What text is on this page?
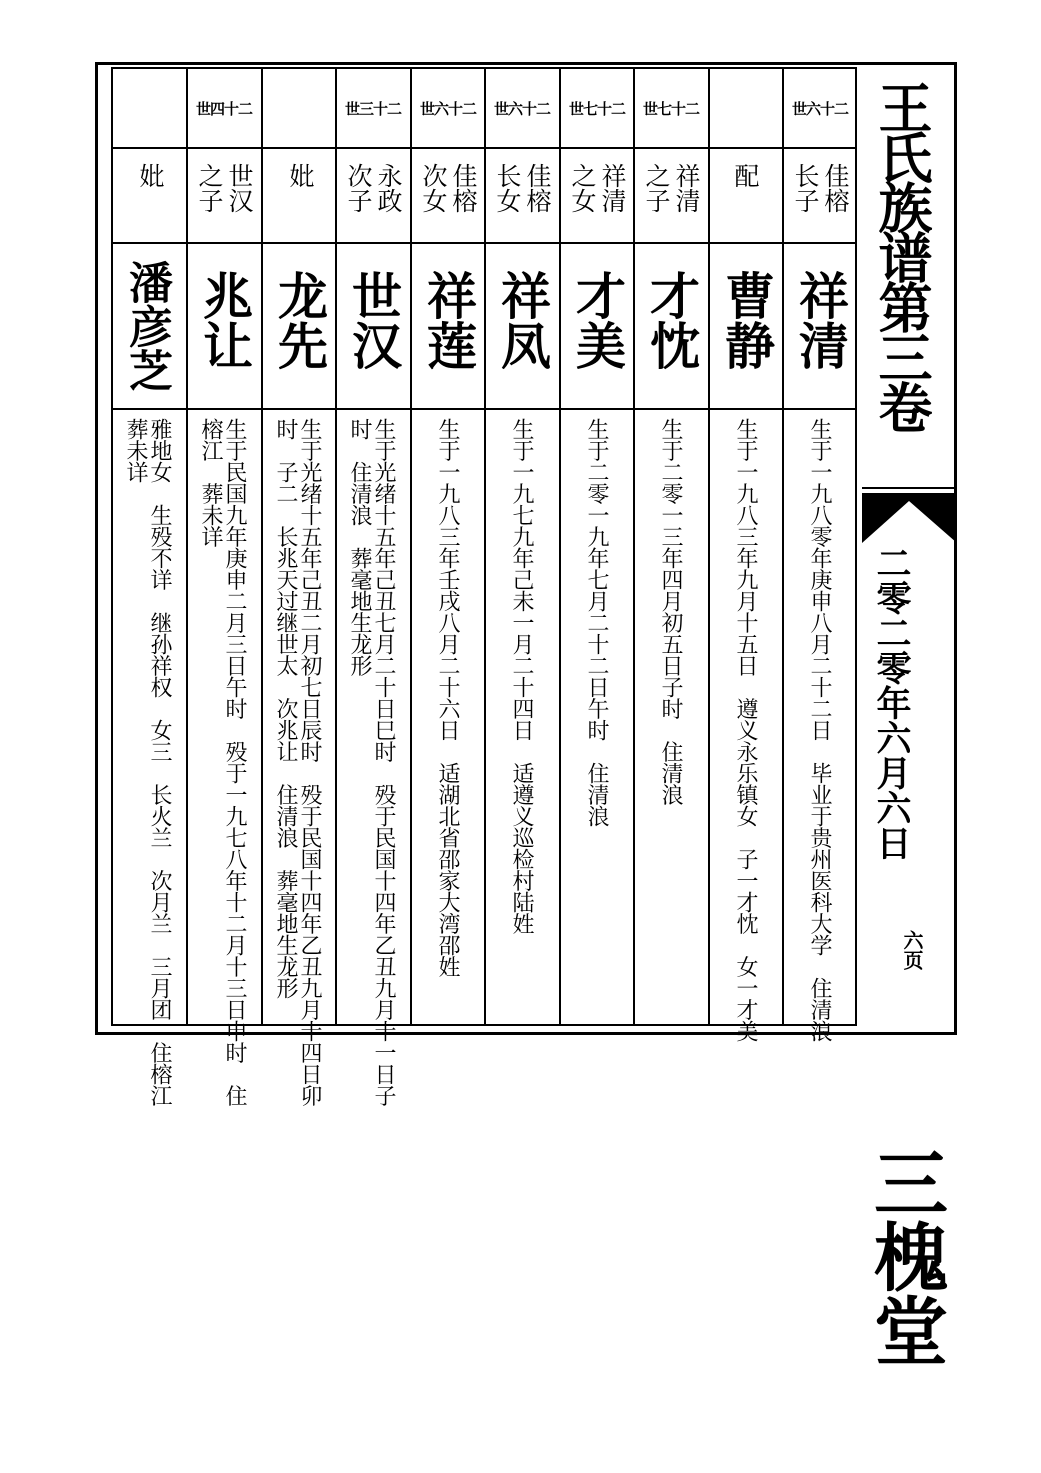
王氏族谱第三卷
二零二零年六月六日
六页
三槐堂
世六十二
佳榕
长子
祥清
生于一九八零年庚申八月二十二日　毕业于贵州医科大学　住清浪
配
曹静
生于一九八三年九月十五日　遵义永乐镇女　子一才忱　女一才美
世七十二
祥清
之子
才忱
生于二零一三年四月初五日子时　住清浪
世七十二
祥清
之女
才美
生于二零一九年七月二十二日午时　住清浪
世六十二
佳榕
长女
祥凤
生于一九七九年己未一月二十四日　适遵义巡检村陆姓
世六十二
佳榕
次女
祥莲
生于一九八三年壬戌八月二十六日　适湖北省邵家大湾邵姓
世三十二
永政
次子
世汉
生于光绪十五年己丑七月二十日巳时　殁于民国十四年乙丑九月十一日子
时　住清浪　葬毫地生龙形
妣
龙先
生于光绪十五年己丑二月初七日辰时　殁于民国十四年乙丑九月十四日卯
时　子二　长兆天过继世太　次兆让　住清浪　葬毫地生龙形
世四十二
世汉
之子
兆让
生于民国九年庚申二月三日午时　殁于一九七八年十二月十三日申时　住
榕江　葬未详
妣
潘彦芝
雅地女　生殁不详　继孙祥权　女三　长火兰　次月兰　三月团　住榕江
葬未详
